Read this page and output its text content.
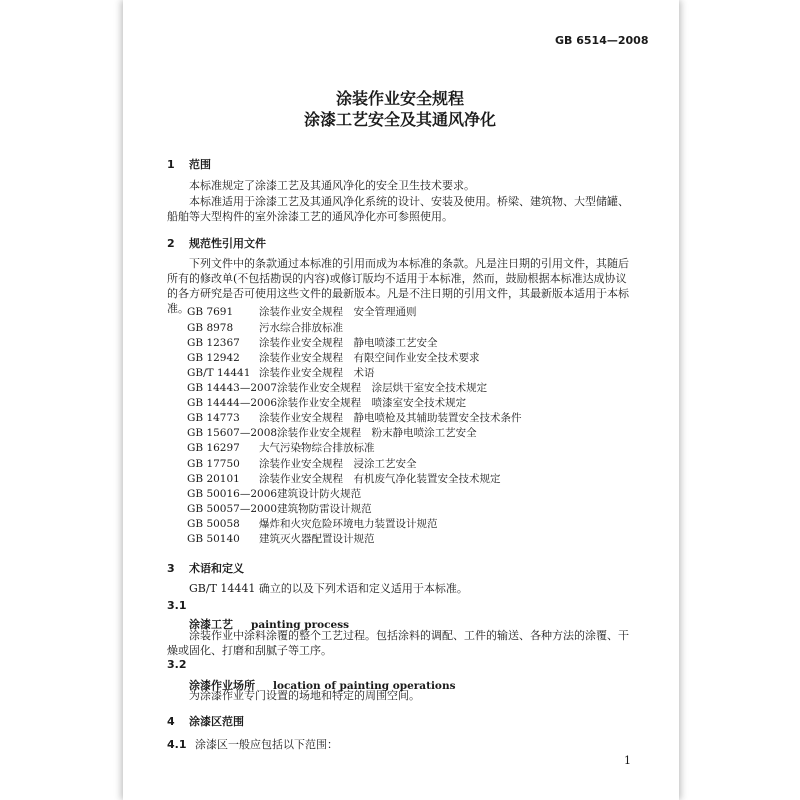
GB 6514—2008
涂装作业安全规程
涂漆工艺安全及其通风净化
1 范围
本标准规定了涂漆工艺及其通风净化的安全卫生技术要求。
本标准适用于涂漆工艺及其通风净化系统的设计、安装及使用。桥梁、建筑物、大型储罐、船舶等大型构件的室外涂漆工艺的通风净化亦可参照使用。
2 规范性引用文件
下列文件中的条款通过本标准的引用而成为本标准的条款。凡是注日期的引用文件，其随后所有的修改单(不包括勘误的内容)或修订版均不适用于本标准，然而，鼓励根据本标准达成协议的各方研究是否可使用这些文件的最新版本。凡是不注日期的引用文件，其最新版本适用于本标准。
GB 7691 涂装作业安全规程　安全管理通则
GB 8978 污水综合排放标准
GB 12367 涂装作业安全规程　静电喷漆工艺安全
GB 12942 涂装作业安全规程　有限空间作业安全技术要求
GB/T 14441 涂装作业安全规程　术语
GB 14443—2007涂装作业安全规程　涂层烘干室安全技术规定
GB 14444—2006涂装作业安全规程　喷漆室安全技术规定
GB 14773 涂装作业安全规程　静电喷枪及其辅助装置安全技术条件
GB 15607—2008涂装作业安全规程　粉末静电喷涂工艺安全
GB 16297 大气污染物综合排放标准
GB 17750 涂装作业安全规程　浸涂工艺安全
GB 20101 涂装作业安全规程　有机废气净化装置安全技术规定
GB 50016—2006建筑设计防火规范
GB 50057—2000建筑物防雷设计规范
GB 50058 爆炸和火灾危险环境电力装置设计规范
GB 50140 建筑灭火器配置设计规范
3 术语和定义
GB/T 14441 确立的以及下列术语和定义适用于本标准。
3.1
涂漆工艺 painting process
涂装作业中涂料涂覆的整个工艺过程。包括涂料的调配、工件的输送、各种方法的涂覆、干燥或固化、打磨和刮腻子等工序。
3.2
涂漆作业场所 location of painting operations
为涂漆作业专门设置的场地和特定的周围空间。
4 涂漆区范围
4.1 涂漆区一般应包括以下范围：
1
